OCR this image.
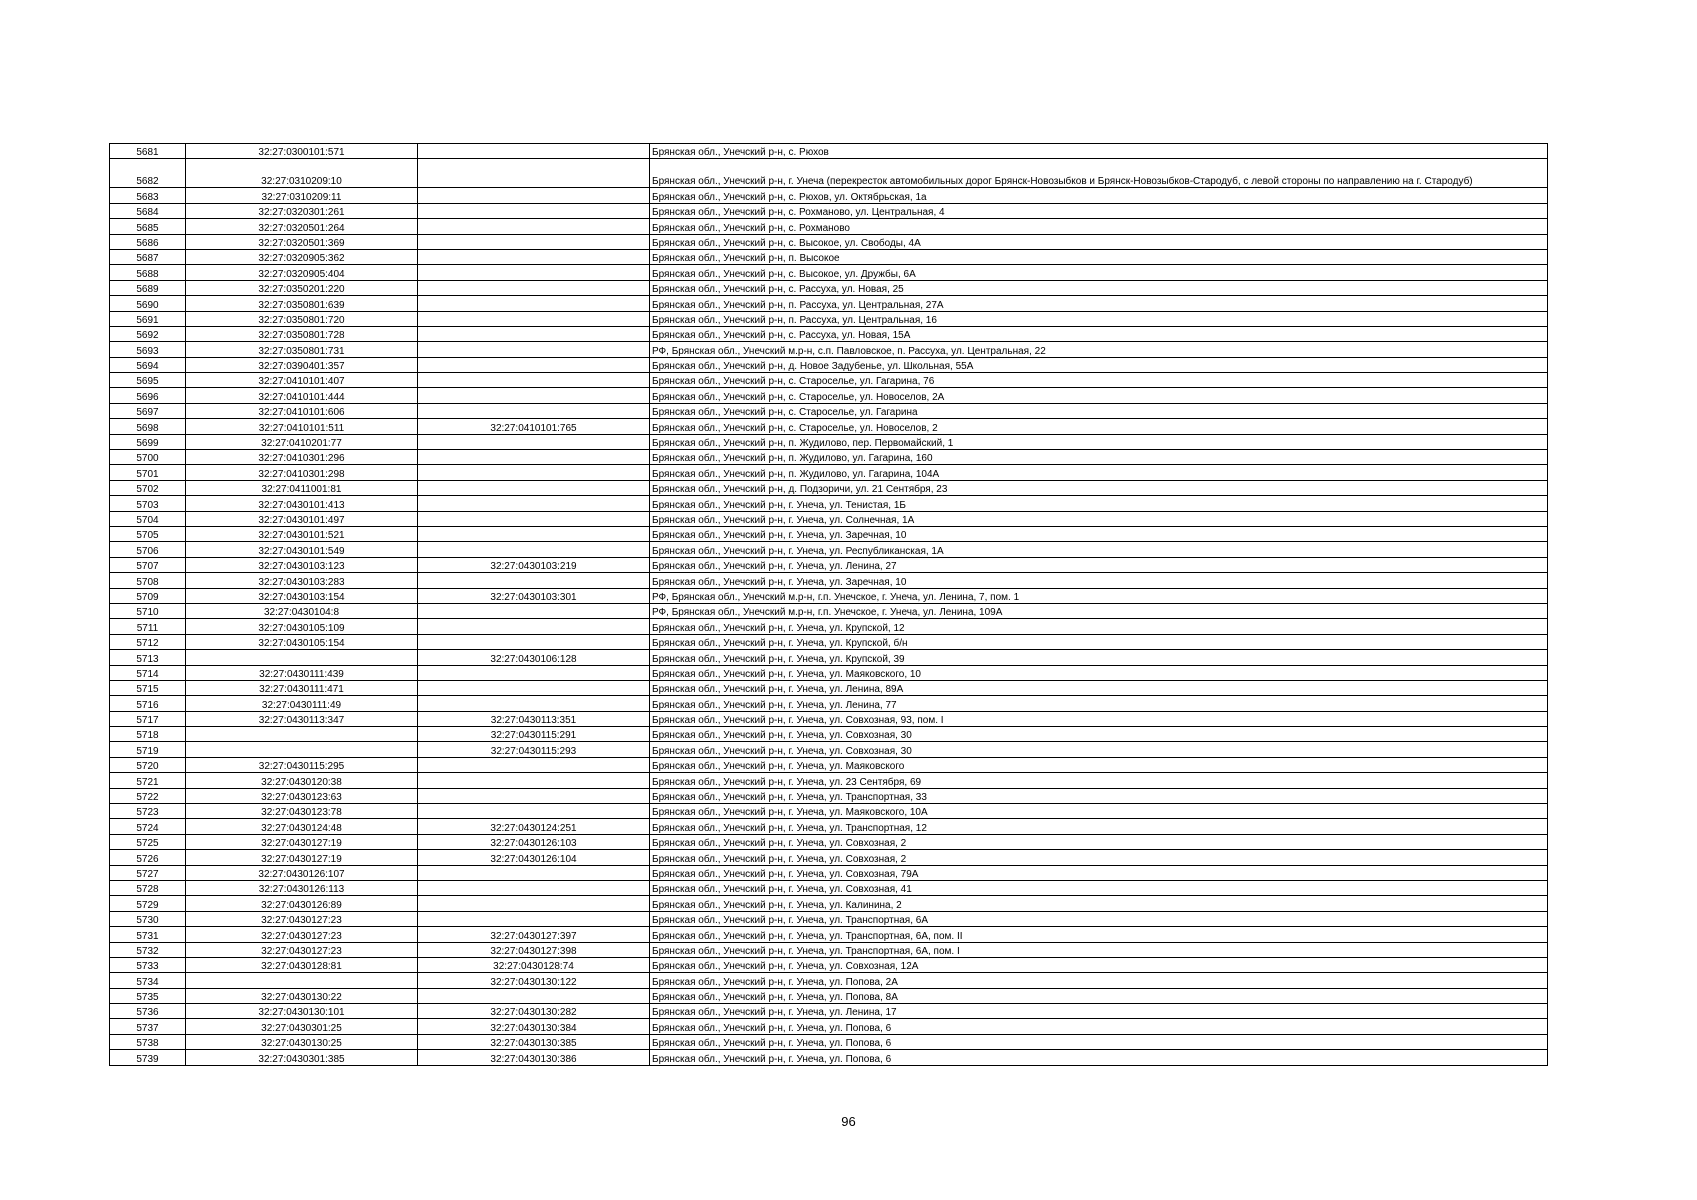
5681	32:27:0300101:571		Брянская обл., Унечский р-н, с. Рюхов
5682	32:27:0310209:10		Брянская обл., Унечский р-н, г. Унеча (перекресток автомобильных дорог Брянск-Новозыбков и Брянск-Новозыбков-Стародуб, с левой стороны по направлению на г. Стародуб)
5683	32:27:0310209:11		Брянская обл., Унечский р-н, с. Рюхов, ул. Октябрьская, 1а
5684	32:27:0320301:261		Брянская обл., Унечский р-н, с. Рохманово, ул. Центральная, 4
5685	32:27:0320501:264		Брянская обл., Унечский р-н, с. Рохманово
5686	32:27:0320501:369		Брянская обл., Унечский р-н, с. Высокое, ул. Свободы, 4А
5687	32:27:0320905:362		Брянская обл., Унечский р-н, п. Высокое
5688	32:27:0320905:404		Брянская обл., Унечский р-н, с. Высокое, ул. Дружбы, 6А
5689	32:27:0350201:220		Брянская обл., Унечский р-н, с. Рассуха, ул. Новая, 25
5690	32:27:0350801:639		Брянская обл., Унечский р-н, п. Рассуха, ул. Центральная, 27А
5691	32:27:0350801:720		Брянская обл., Унечский р-н, п. Рассуха, ул. Центральная, 16
5692	32:27:0350801:728		Брянская обл., Унечский р-н, с. Рассуха, ул. Новая, 15А
5693	32:27:0350801:731		РФ, Брянская обл., Унечский м.р-н, с.п. Павловское, п. Рассуха, ул. Центральная, 22
5694	32:27:0390401:357		Брянская обл., Унечский р-н, д. Новое Задубенье, ул. Школьная, 55А
5695	32:27:0410101:407		Брянская обл., Унечский р-н, с. Староселье, ул. Гагарина, 76
5696	32:27:0410101:444		Брянская обл., Унечский р-н, с. Староселье, ул. Новоселов, 2А
5697	32:27:0410101:606		Брянская обл., Унечский р-н, с. Староселье, ул. Гагарина
5698	32:27:0410101:511	32:27:0410101:765	Брянская обл., Унечский р-н, с. Староселье, ул. Новоселов, 2
5699	32:27:0410201:77		Брянская обл., Унечский р-н, п. Жудилово, пер. Первомайский, 1
5700	32:27:0410301:296		Брянская обл., Унечский р-н, п. Жудилово, ул. Гагарина, 160
5701	32:27:0410301:298		Брянская обл., Унечский р-н, п. Жудилово, ул. Гагарина, 104А
5702	32:27:0411001:81		Брянская обл., Унечский р-н, д. Подзоричи, ул. 21 Сентября, 23
5703	32:27:0430101:413		Брянская обл., Унечский р-н, г. Унеча, ул. Тенистая, 1Б
5704	32:27:0430101:497		Брянская обл., Унечский р-н, г. Унеча, ул. Солнечная, 1А
5705	32:27:0430101:521		Брянская обл., Унечский р-н, г. Унеча, ул. Заречная, 10
5706	32:27:0430101:549		Брянская обл., Унечский р-н, г. Унеча, ул. Республиканская, 1А
5707	32:27:0430103:123	32:27:0430103:219	Брянская обл., Унечский р-н, г. Унеча, ул. Ленина, 27
5708	32:27:0430103:283		Брянская обл., Унечский р-н, г. Унеча, ул. Заречная, 10
5709	32:27:0430103:154	32:27:0430103:301	РФ, Брянская обл., Унечский м.р-н, г.п. Унечское, г. Унеча, ул. Ленина, 7, пом. 1
5710	32:27:0430104:8		РФ, Брянская обл., Унечский м.р-н, г.п. Унечское, г. Унеча, ул. Ленина, 109А
5711	32:27:0430105:109		Брянская обл., Унечский р-н, г. Унеча, ул. Крупской, 12
5712	32:27:0430105:154		Брянская обл., Унечский р-н, г. Унеча, ул. Крупской, б/н
5713		32:27:0430106:128	Брянская обл., Унечский р-н, г. Унеча, ул. Крупской, 39
5714	32:27:0430111:439		Брянская обл., Унечский р-н, г. Унеча, ул. Маяковского, 10
5715	32:27:0430111:471		Брянская обл., Унечский р-н, г. Унеча, ул. Ленина, 89А
5716	32:27:0430111:49		Брянская обл., Унечский р-н, г. Унеча, ул. Ленина, 77
5717	32:27:0430113:347	32:27:0430113:351	Брянская обл., Унечский р-н, г. Унеча, ул. Совхозная, 93, пом. I
5718		32:27:0430115:291	Брянская обл., Унечский р-н, г. Унеча, ул. Совхозная, 30
5719		32:27:0430115:293	Брянская обл., Унечский р-н, г. Унеча, ул. Совхозная, 30
5720	32:27:0430115:295		Брянская обл., Унечский р-н, г. Унеча, ул. Маяковского
5721	32:27:0430120:38		Брянская обл., Унечский р-н, г. Унеча, ул. 23 Сентября, 69
5722	32:27:0430123:63		Брянская обл., Унечский р-н, г. Унеча, ул. Транспортная, 33
5723	32:27:0430123:78		Брянская обл., Унечский р-н, г. Унеча, ул. Маяковского, 10А
5724	32:27:0430124:48	32:27:0430124:251	Брянская обл., Унечский р-н, г. Унеча, ул. Транспортная, 12
5725	32:27:0430127:19	32:27:0430126:103	Брянская обл., Унечский р-н, г. Унеча, ул. Совхозная, 2
5726	32:27:0430127:19	32:27:0430126:104	Брянская обл., Унечский р-н, г. Унеча, ул. Совхозная, 2
5727	32:27:0430126:107		Брянская обл., Унечский р-н, г. Унеча, ул. Совхозная, 79А
5728	32:27:0430126:113		Брянская обл., Унечский р-н, г. Унеча, ул. Совхозная, 41
5729	32:27:0430126:89		Брянская обл., Унечский р-н, г. Унеча, ул. Калинина, 2
5730	32:27:0430127:23		Брянская обл., Унечский р-н, г. Унеча, ул. Транспортная, 6А
5731	32:27:0430127:23	32:27:0430127:397	Брянская обл., Унечский р-н, г. Унеча, ул. Транспортная, 6А, пом. II
5732	32:27:0430127:23	32:27:0430127:398	Брянская обл., Унечский р-н, г. Унеча, ул. Транспортная, 6А, пом. I
5733	32:27:0430128:81	32:27:0430128:74	Брянская обл., Унечский р-н, г. Унеча, ул. Совхозная, 12А
5734		32:27:0430130:122	Брянская обл., Унечский р-н, г. Унеча, ул. Попова, 2А
5735	32:27:0430130:22		Брянская обл., Унечский р-н, г. Унеча, ул. Попова, 8А
5736	32:27:0430130:101	32:27:0430130:282	Брянская обл., Унечский р-н, г. Унеча, ул. Ленина, 17
5737	32:27:0430301:25	32:27:0430130:384	Брянская обл., Унечский р-н, г. Унеча, ул. Попова, 6
5738	32:27:0430130:25	32:27:0430130:385	Брянская обл., Унечский р-н, г. Унеча, ул. Попова, 6
5739	32:27:0430301:385	32:27:0430130:386	Брянская обл., Унечский р-н, г. Унеча, ул. Попова, 6
96
